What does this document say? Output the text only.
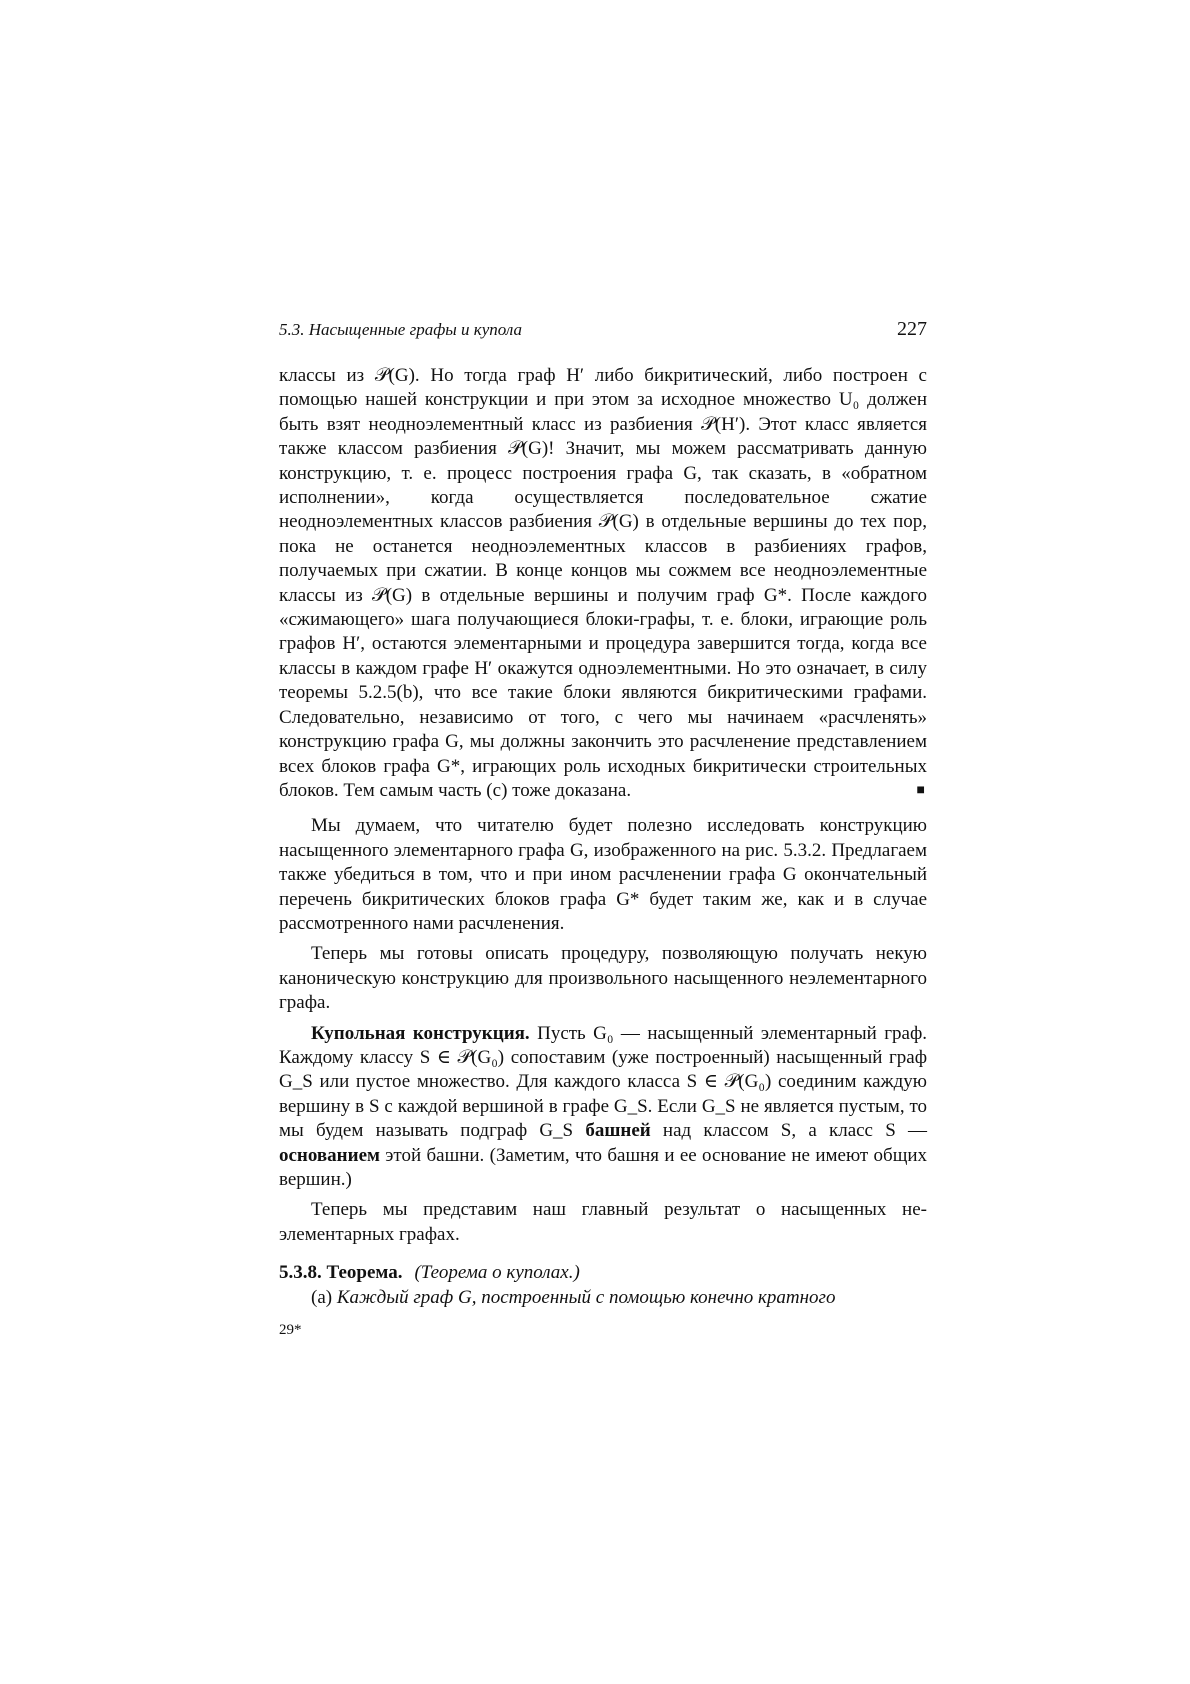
5.3. Насыщенные графы и купола	227

классы из 𝒫(G). Но тогда граф H′ либо бикритический, либо построен с помощью нашей конструкции и при этом за исходное множество U₀ должен быть взят неодноэлементный класс из разбиения 𝒫(H′). Этот класс является также классом разбиения 𝒫(G)! Значит, мы можем рассматривать данную конструкцию, т. е. процесс построения графа G, так сказать, в «обратном исполнении», когда осуществляется последовательное сжатие неодноэлементных классов разбиения 𝒫(G) в отдельные вершины до тех пор, пока не останется неодноэлементных классов в разбиениях графов, получаемых при сжатии. В конце концов мы сожмем все неодноэлементные классы из 𝒫(G) в отдельные вершины и получим граф G*. После каждого «сжимающего» шага получающиеся блоки-графы, т. е. блоки, играющие роль графов H′, остаются элементарными и процедура завершится тогда, когда все классы в каждом графе H′ окажутся одноэлементными. Но это означает, в силу теоремы 5.2.5(b), что все такие блоки являются бикритическими графами. Следовательно, независимо от того, с чего мы начинаем «расчленять» конструкцию графа G, мы должны закончить это расчленение представлением всех блоков графа G*, играющих роль исходных бикритически строительных блоков. Тем самым часть (c) тоже доказана.	■

Мы думаем, что читателю будет полезно исследовать конструкцию насыщенного элементарного графа G, изображенного на рис. 5.3.2. Предлагаем также убедиться в том, что и при ином расчленении графа G окончательный перечень бикритических блоков графа G* будет таким же, как и в случае рассмотренного нами расчленения.

Теперь мы готовы описать процедуру, позволяющую получать некую каноническую конструкцию для произвольного насыщенного неэлементарного графа.

Купольная конструкция. Пусть G₀ — насыщенный элементарный граф. Каждому классу S ∈ 𝒫(G₀) сопоставим (уже построенный) насыщенный граф G_S или пустое множество. Для каждого класса S ∈ 𝒫(G₀) соединим каждую вершину в S с каждой вершиной в графе G_S. Если G_S не является пустым, то мы будем называть подграф G_S башней над классом S, а класс S — основанием этой башни. (Заметим, что башня и ее основание не имеют общих вершин.)

Теперь мы представим наш главный результат о насыщенных неэлементарных графах.

5.3.8. Теорема. (Теорема о куполах.)

(a) Каждый граф G, построенный с помощью конечно кратного

29*
